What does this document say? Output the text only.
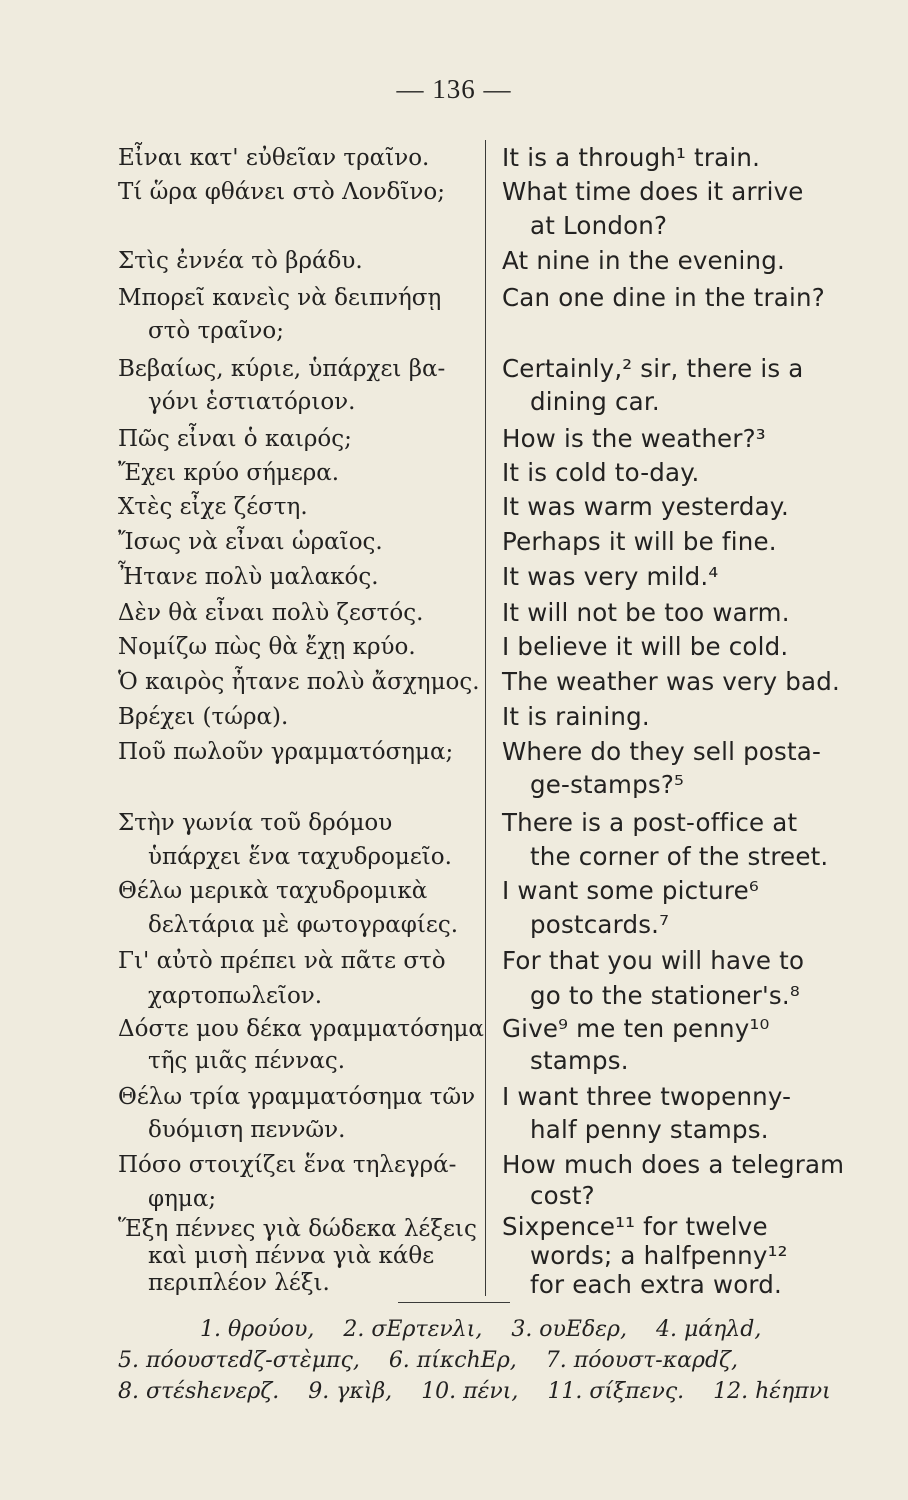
— 136 —
Εἶναι κατ' εὐθεῖαν τραῖνο.
Τί ὥρα φθάνει στὸ Λονδῖνο;
Στὶς ἐννέα τὸ βράδυ.
Μπορεῖ κανεὶς νὰ δειπνήσῃ
στὸ τραῖνο;
Βεβαίως, κύριε, ὑπάρχει βα-
γόνι ἑστιατόριον.
Πῶς εἶναι ὁ καιρός;
Ἔχει κρύο σήμερα.
Χτὲς εἶχε ζέστη.
Ἴσως νὰ εἶναι ὡραῖος.
Ἦτανε πολὺ μαλακός.
Δὲν θὰ εἶναι πολὺ ζεστός.
Νομίζω πὼς θὰ ἔχῃ κρύο.
Ὁ καιρὸς ἦτανε πολὺ ἄσχημος.
Βρέχει (τώρα).
Ποῦ πωλοῦν γραμματόσημα;
Στὴν γωνία τοῦ δρόμου
ὑπάρχει ἕνα ταχυδρομεῖο.
Θέλω μερικὰ ταχυδρομικὰ
δελτάρια μὲ φωτογραφίες.
Γι' αὐτὸ πρέπει νὰ πᾶτε στὸ
χαρτοπωλεῖον.
Δόστε μου δέκα γραμματόσημα
τῆς μιᾶς πέννας.
Θέλω τρία γραμματόσημα τῶν
δυόμιση πεννῶν.
Πόσο στοιχίζει ἕνα τηλεγρά-
φημα;
Ἕξη πέννες γιὰ δώδεκα λέξεις
καὶ μισὴ πέννα γιὰ κάθε
περιπλέον λέξι.
It is a through¹ train.
What time does it arrive
at London?
At nine in the evening.
Can one dine in the train?
Certainly,² sir, there is a
dining car.
How is the weather?³
It is cold to-day.
It was warm yesterday.
Perhaps it will be fine.
It was very mild.⁴
It will not be too warm.
I believe it will be cold.
The weather was very bad.
It is raining.
Where do they sell posta-
ge-stamps?⁵
There is a post-office at
the corner of the street.
I want some picture⁶
postcards.⁷
For that you will have to
go to the stationer's.⁸
Give⁹ me ten penny¹⁰
stamps.
I want three twopenny-
half penny stamps.
How much does a telegram
cost?
Sixpence¹¹ for twelve
words; a halfpenny¹²
for each extra word.
1. θρούου, 2. σΕρτενλι, 3. ουΕδερ, 4. μάηλd,
5. πόουστεdζ-στὲμπς, 6. πίκchΕρ, 7. πόουστ-καρdζ,
8. στέshενερζ. 9. γκὶβ, 10. πένι, 11. σίξπενς. 12. hέηπνι
